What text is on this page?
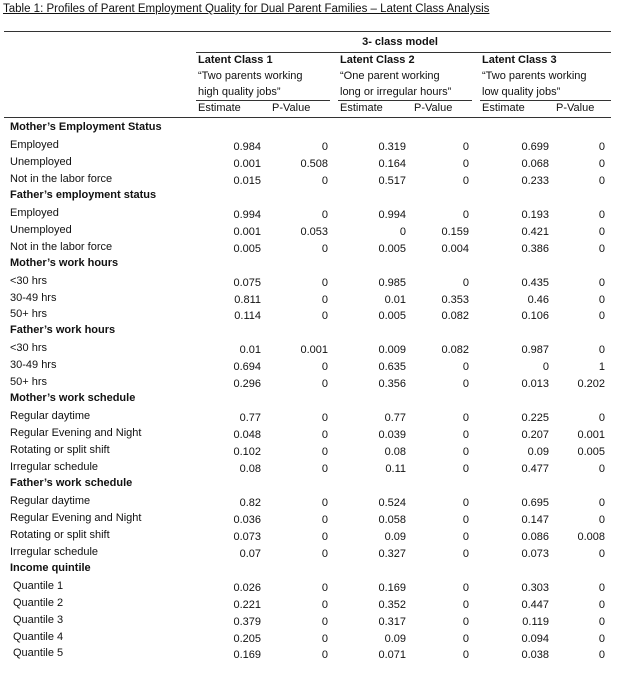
Table 1: Profiles of Parent Employment Quality for Dual Parent Families – Latent Class Analysis
3- class model
Latent Class 1
“Two parents working
high quality jobs”
Estimate	P-Value
Latent Class 2
“One parent working
long or irregular hours”
Estimate	P-Value
Latent Class 3
“Two parents working
low quality jobs”
Estimate	P-Value
Mother’s Employment Status
Employed	0.984	0	0.319	0	0.699	0
Unemployed	0.001	0.508	0.164	0	0.068	0
Not in the labor force	0.015	0	0.517	0	0.233	0
Father’s employment status
Employed	0.994	0	0.994	0	0.193	0
Unemployed	0.001	0.053	0	0.159	0.421	0
Not in the labor force	0.005	0	0.005	0.004	0.386	0
Mother’s work hours
<30 hrs	0.075	0	0.985	0	0.435	0
30-49 hrs	0.811	0	0.01	0.353	0.46	0
50+ hrs	0.114	0	0.005	0.082	0.106	0
Father’s work hours
<30 hrs	0.01	0.001	0.009	0.082	0.987	0
30-49 hrs	0.694	0	0.635	0	0	1
50+ hrs	0.296	0	0.356	0	0.013	0.202
Mother’s work schedule
Regular daytime	0.77	0	0.77	0	0.225	0
Regular Evening and Night	0.048	0	0.039	0	0.207	0.001
Rotating or split shift	0.102	0	0.08	0	0.09	0.005
Irregular schedule	0.08	0	0.11	0	0.477	0
Father’s work schedule
Regular daytime	0.82	0	0.524	0	0.695	0
Regular Evening and Night	0.036	0	0.058	0	0.147	0
Rotating or split shift	0.073	0	0.09	0	0.086	0.008
Irregular schedule	0.07	0	0.327	0	0.073	0
Income quintile
Quantile 1	0.026	0	0.169	0	0.303	0
Quantile 2	0.221	0	0.352	0	0.447	0
Quantile 3	0.379	0	0.317	0	0.119	0
Quantile 4	0.205	0	0.09	0	0.094	0
Quantile 5	0.169	0	0.071	0	0.038	0
